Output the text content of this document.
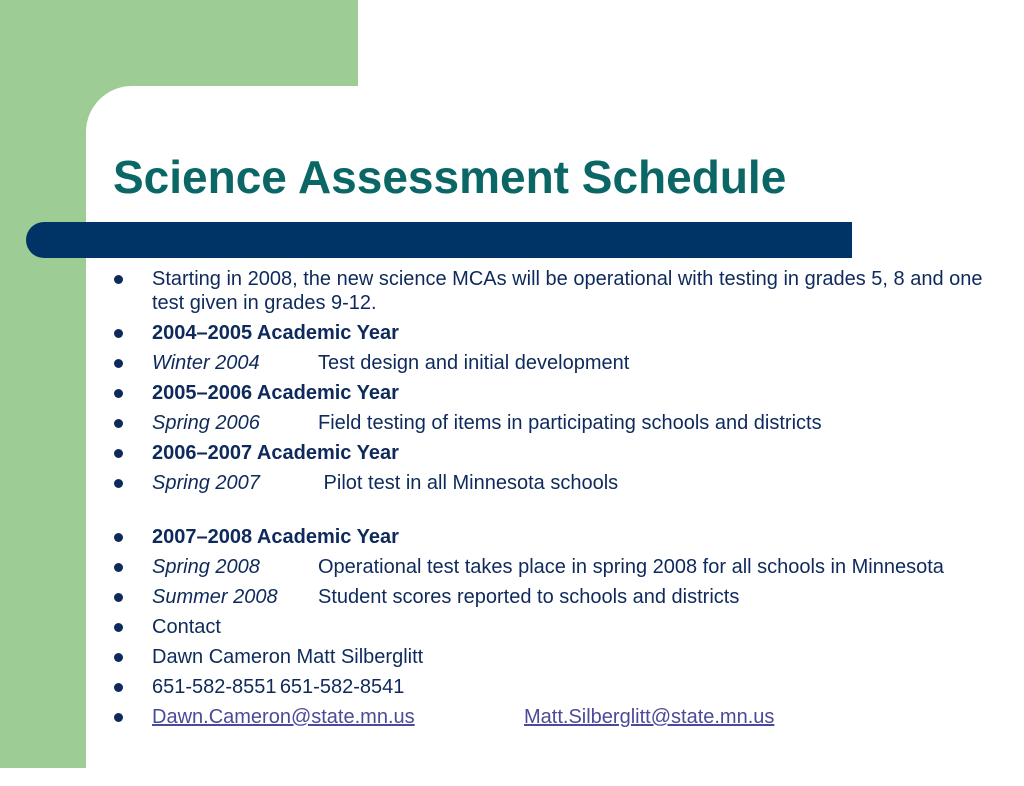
Science Assessment Schedule
Starting in 2008, the new science MCAs will be operational with testing in grades 5, 8 and one test given in grades 9-12.
2004–2005 Academic Year
Winter 2004	Test design and initial development
2005–2006 Academic Year
Spring 2006	Field testing of items in participating schools and districts
2006–2007 Academic Year
Spring 2007	Pilot test in all Minnesota schools
2007–2008 Academic Year
Spring 2008	Operational test takes place in spring 2008 for all schools in Minnesota
Summer 2008 Student scores reported to schools and districts
Contact
Dawn Cameron	Matt Silberglitt
651-582-8551	651-582-8541
Dawn.Cameron@state.mn.us	Matt.Silberglitt@state.mn.us
